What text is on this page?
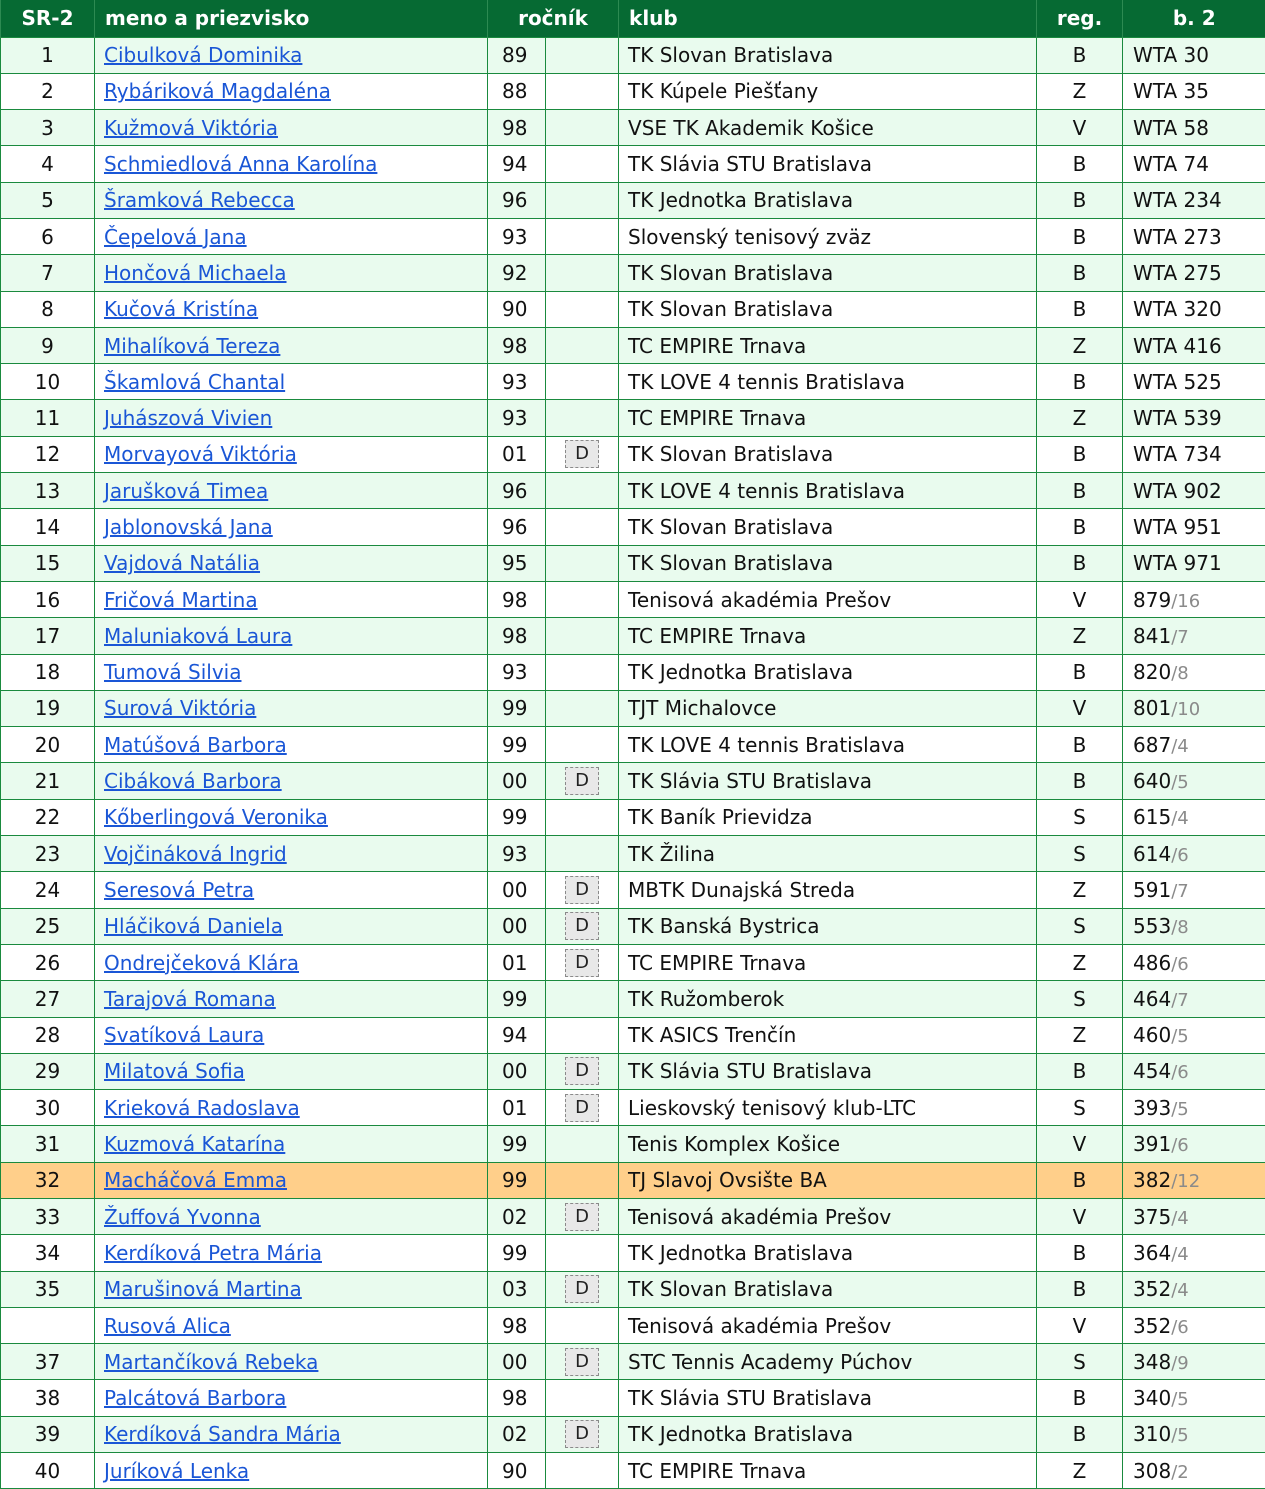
SR-2	meno a priezvisko	ročník		klub	reg.	b. 2
1	Cibulková Dominika	89		TK Slovan Bratislava	B	WTA 30
2	Rybáriková Magdaléna	88		TK Kúpele Piešťany	Z	WTA 35
3	Kužmová Viktória	98		VSE TK Akademik Košice	V	WTA 58
4	Schmiedlová Anna Karolína	94		TK Slávia STU Bratislava	B	WTA 74
5	Šramková Rebecca	96		TK Jednotka Bratislava	B	WTA 234
6	Čepelová Jana	93		Slovenský tenisový zväz	B	WTA 273
7	Hončová Michaela	92		TK Slovan Bratislava	B	WTA 275
8	Kučová Kristína	90		TK Slovan Bratislava	B	WTA 320
9	Mihalíková Tereza	98		TC EMPIRE Trnava	Z	WTA 416
10	Škamlová Chantal	93		TK LOVE 4 tennis Bratislava	B	WTA 525
11	Juhászová Vivien	93		TC EMPIRE Trnava	Z	WTA 539
12	Morvayová Viktória	01	D	TK Slovan Bratislava	B	WTA 734
13	Jarušková Timea	96		TK LOVE 4 tennis Bratislava	B	WTA 902
14	Jablonovská Jana	96		TK Slovan Bratislava	B	WTA 951
15	Vajdová Natália	95		TK Slovan Bratislava	B	WTA 971
16	Fričová Martina	98		Tenisová akadémia Prešov	V	879/16
17	Maluniaková Laura	98		TC EMPIRE Trnava	Z	841/7
18	Tumová Silvia	93		TK Jednotka Bratislava	B	820/8
19	Surová Viktória	99		TJT Michalovce	V	801/10
20	Matúšová Barbora	99		TK LOVE 4 tennis Bratislava	B	687/4
21	Cibáková Barbora	00	D	TK Slávia STU Bratislava	B	640/5
22	Kőberlingová Veronika	99		TK Baník Prievidza	S	615/4
23	Vojčináková Ingrid	93		TK Žilina	S	614/6
24	Seresová Petra	00	D	MBTK Dunajská Streda	Z	591/7
25	Hláčiková Daniela	00	D	TK Banská Bystrica	S	553/8
26	Ondrejčeková Klára	01	D	TC EMPIRE Trnava	Z	486/6
27	Tarajová Romana	99		TK Ružomberok	S	464/7
28	Svatíková Laura	94		TK ASICS Trenčín	Z	460/5
29	Milatová Sofia	00	D	TK Slávia STU Bratislava	B	454/6
30	Krieková Radoslava	01	D	Lieskovský tenisový klub-LTC	S	393/5
31	Kuzmová Katarína	99		Tenis Komplex Košice	V	391/6
32	Macháčová Emma	99		TJ Slavoj Ovsište BA	B	382/12
33	Žuffová Yvonna	02	D	Tenisová akadémia Prešov	V	375/4
34	Kerdíková Petra Mária	99		TK Jednotka Bratislava	B	364/4
35	Marušinová Martina	03	D	TK Slovan Bratislava	B	352/4
	Rusová Alica	98		Tenisová akadémia Prešov	V	352/6
37	Martančíková Rebeka	00	D	STC Tennis Academy Púchov	S	348/9
38	Palcátová Barbora	98		TK Slávia STU Bratislava	B	340/5
39	Kerdíková Sandra Mária	02	D	TK Jednotka Bratislava	B	310/5
40	Juríková Lenka	90		TC EMPIRE Trnava	Z	308/2
